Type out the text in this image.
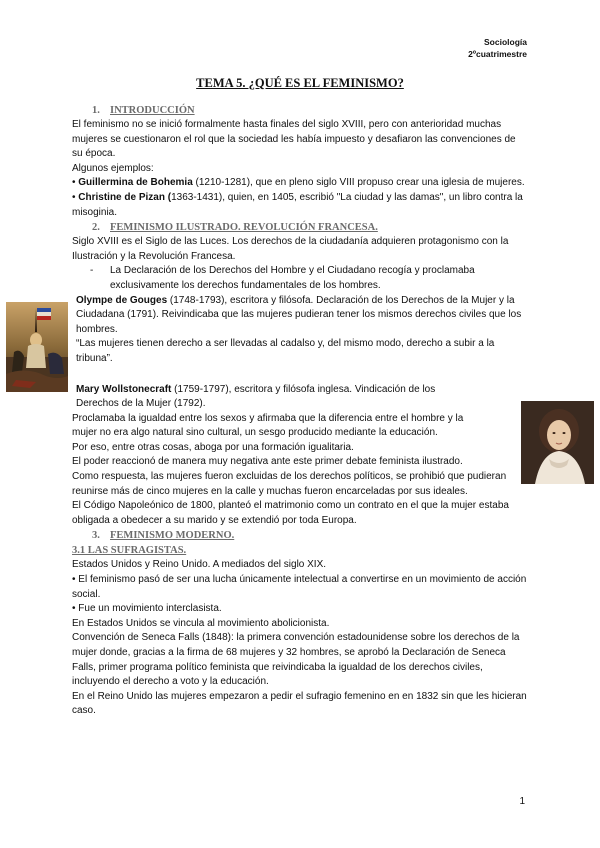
Sociología
2ºcuatrimestre
TEMA 5. ¿QUÉ ES EL FEMINISMO?

1. INTRODUCCIÓN

El feminismo no se inició formalmente hasta finales del siglo XVIII, pero con anterioridad muchas mujeres se cuestionaron el rol que la sociedad les había impuesto y desafiaron las convenciones de su época.

Algunos ejemplos:

• Guillermina de Bohemia (1210-1281), que en pleno siglo VIII propuso crear una iglesia de mujeres.

• Christine de Pizan (1363-1431), quien, en 1405, escribió "La ciudad y las damas", un libro contra la misoginia.

2. FEMINISMO ILUSTRADO. REVOLUCIÓN FRANCESA.

Siglo XVIII es el Siglo de las Luces. Los derechos de la ciudadanía adquieren protagonismo con la Ilustración y la Revolución Francesa.

-	La Declaración de los Derechos del Hombre y el Ciudadano recogía y proclamaba exclusivamente los derechos fundamentales de los hombres.

Olympe de Gouges (1748-1793), escritora y filósofa. Declaración de los Derechos de la Mujer y la Ciudadana (1791). Reivindicaba que las mujeres pudieran tener los mismos derechos civiles que los hombres.

“Las mujeres tienen derecho a ser llevadas al cadalso y, del mismo modo, derecho a subir a la tribuna”.

Mary Wollstonecraft (1759-1797), escritora y filósofa inglesa. Vindicación de los Derechos de la Mujer (1792).

Proclamaba la igualdad entre los sexos y afirmaba que la diferencia entre el hombre y la mujer no era algo natural sino cultural, un sesgo producido mediante la educación.

Por eso, entre otras cosas, aboga por una formación igualitaria.

El poder reaccionó de manera muy negativa ante este primer debate feminista ilustrado.

Como respuesta, las mujeres fueron excluidas de los derechos políticos, se prohibió que pudieran reunirse más de cinco mujeres en la calle y muchas fueron encarceladas por sus ideales.

El Código Napoleónico de 1800, planteó el matrimonio como un contrato en el que la mujer estaba obligada a obedecer a su marido y se extendió por toda Europa.

3. FEMINISMO MODERNO.

3.1 LAS SUFRAGISTAS.

Estados Unidos y Reino Unido. A mediados del siglo XIX.

• El feminismo pasó de ser una lucha únicamente intelectual a convertirse en un movimiento de acción social.

• Fue un movimiento interclasista.

En Estados Unidos se vincula al movimiento abolicionista.

Convención de Seneca Falls (1848): la primera convención estadounidense sobre los derechos de la mujer donde, gracias a la firma de 68 mujeres y 32 hombres, se aprobó la Declaración de Seneca Falls, primer programa político feminista que reivindicaba la igualdad de los derechos civiles, incluyendo el derecho a voto y la educación.

En el Reino Unido las mujeres empezaron a pedir el sufragio femenino en en 1832 sin que les hicieran caso.

1
